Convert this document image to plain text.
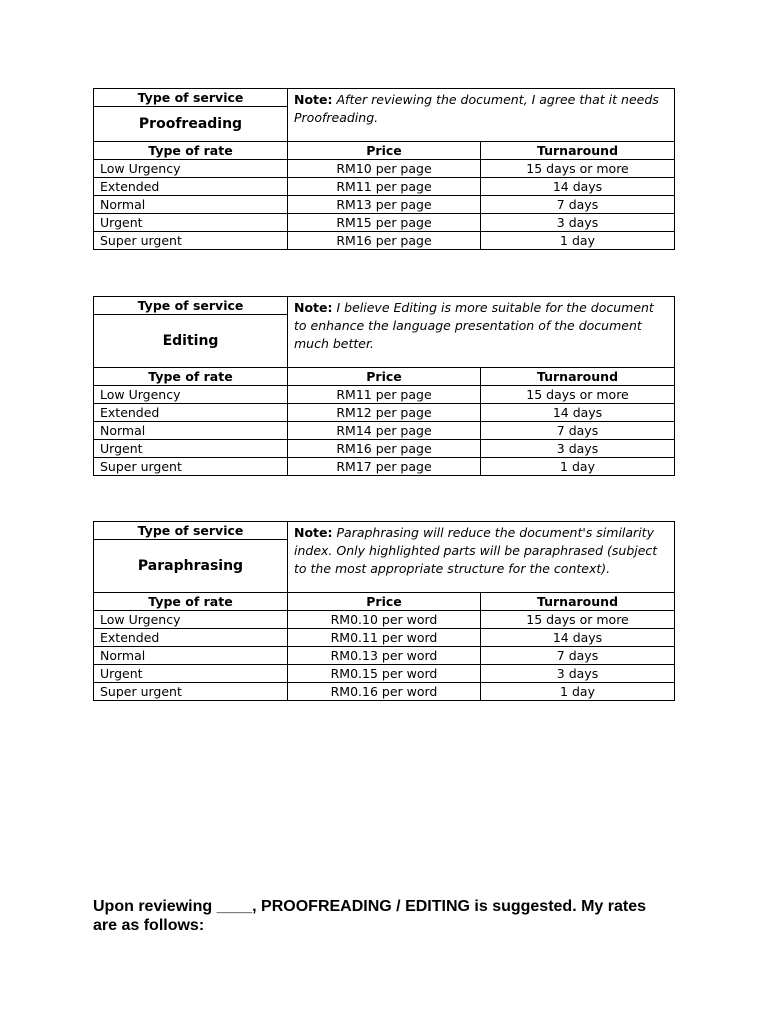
Type of service	Note: After reviewing the document, I agree that it needs Proofreading.	
Proofreading		
Type of rate	Price	Turnaround
Low Urgency	RM10 per page	15 days or more
Extended	RM11 per page	14 days
Normal	RM13 per page	7 days
Urgent	RM15 per page	3 days
Super urgent	RM16 per page	1 day
Type of service	Note: I believe Editing is more suitable for the document to enhance the language presentation of the document much better.	
Editing		
Type of rate	Price	Turnaround
Low Urgency	RM11 per page	15 days or more
Extended	RM12 per page	14 days
Normal	RM14 per page	7 days
Urgent	RM16 per page	3 days
Super urgent	RM17 per page	1 day
Type of service	Note: Paraphrasing will reduce the document's similarity index. Only highlighted parts will be paraphrased (subject to the most appropriate structure for the context).	
Paraphrasing		
Type of rate	Price	Turnaround
Low Urgency	RM0.10 per word	15 days or more
Extended	RM0.11 per word	14 days
Normal	RM0.13 per word	7 days
Urgent	RM0.15 per word	3 days
Super urgent	RM0.16 per word	1 day
Upon reviewing ____, PROOFREADING / EDITING is suggested. My rates are as follows:
